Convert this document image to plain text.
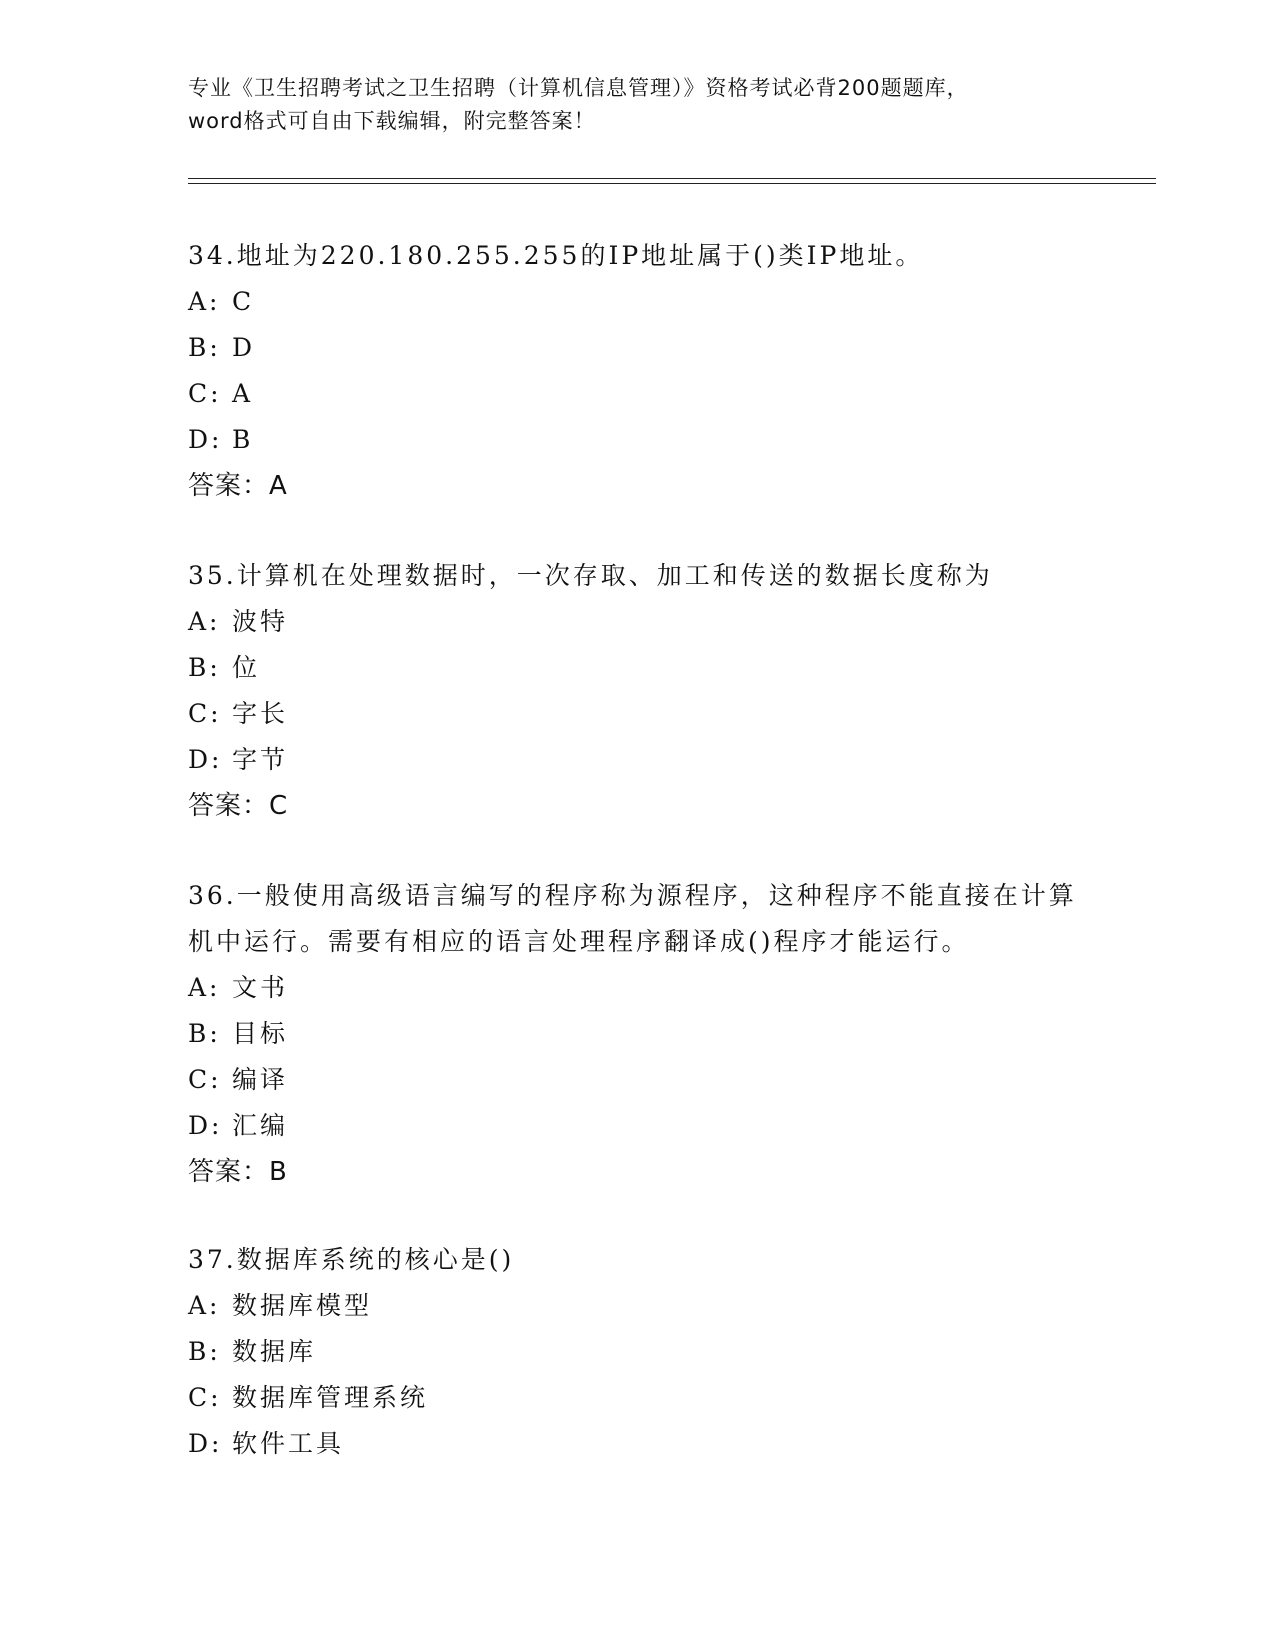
专业《卫生招聘考试之卫生招聘（计算机信息管理）》资格考试必背200题题库，
word格式可自由下载编辑，附完整答案！
34.地址为220.180.255.255的IP地址属于()类IP地址。
A: C
B: D
C: A
D: B
答案：A
35.计算机在处理数据时，一次存取、加工和传送的数据长度称为
A: 波特
B: 位
C: 字长
D: 字节
答案：C
36.一般使用高级语言编写的程序称为源程序，这种程序不能直接在计算机中运行。需要有相应的语言处理程序翻译成()程序才能运行。
A: 文书
B: 目标
C: 编译
D: 汇编
答案：B
37.数据库系统的核心是()
A: 数据库模型
B: 数据库
C: 数据库管理系统
D: 软件工具
